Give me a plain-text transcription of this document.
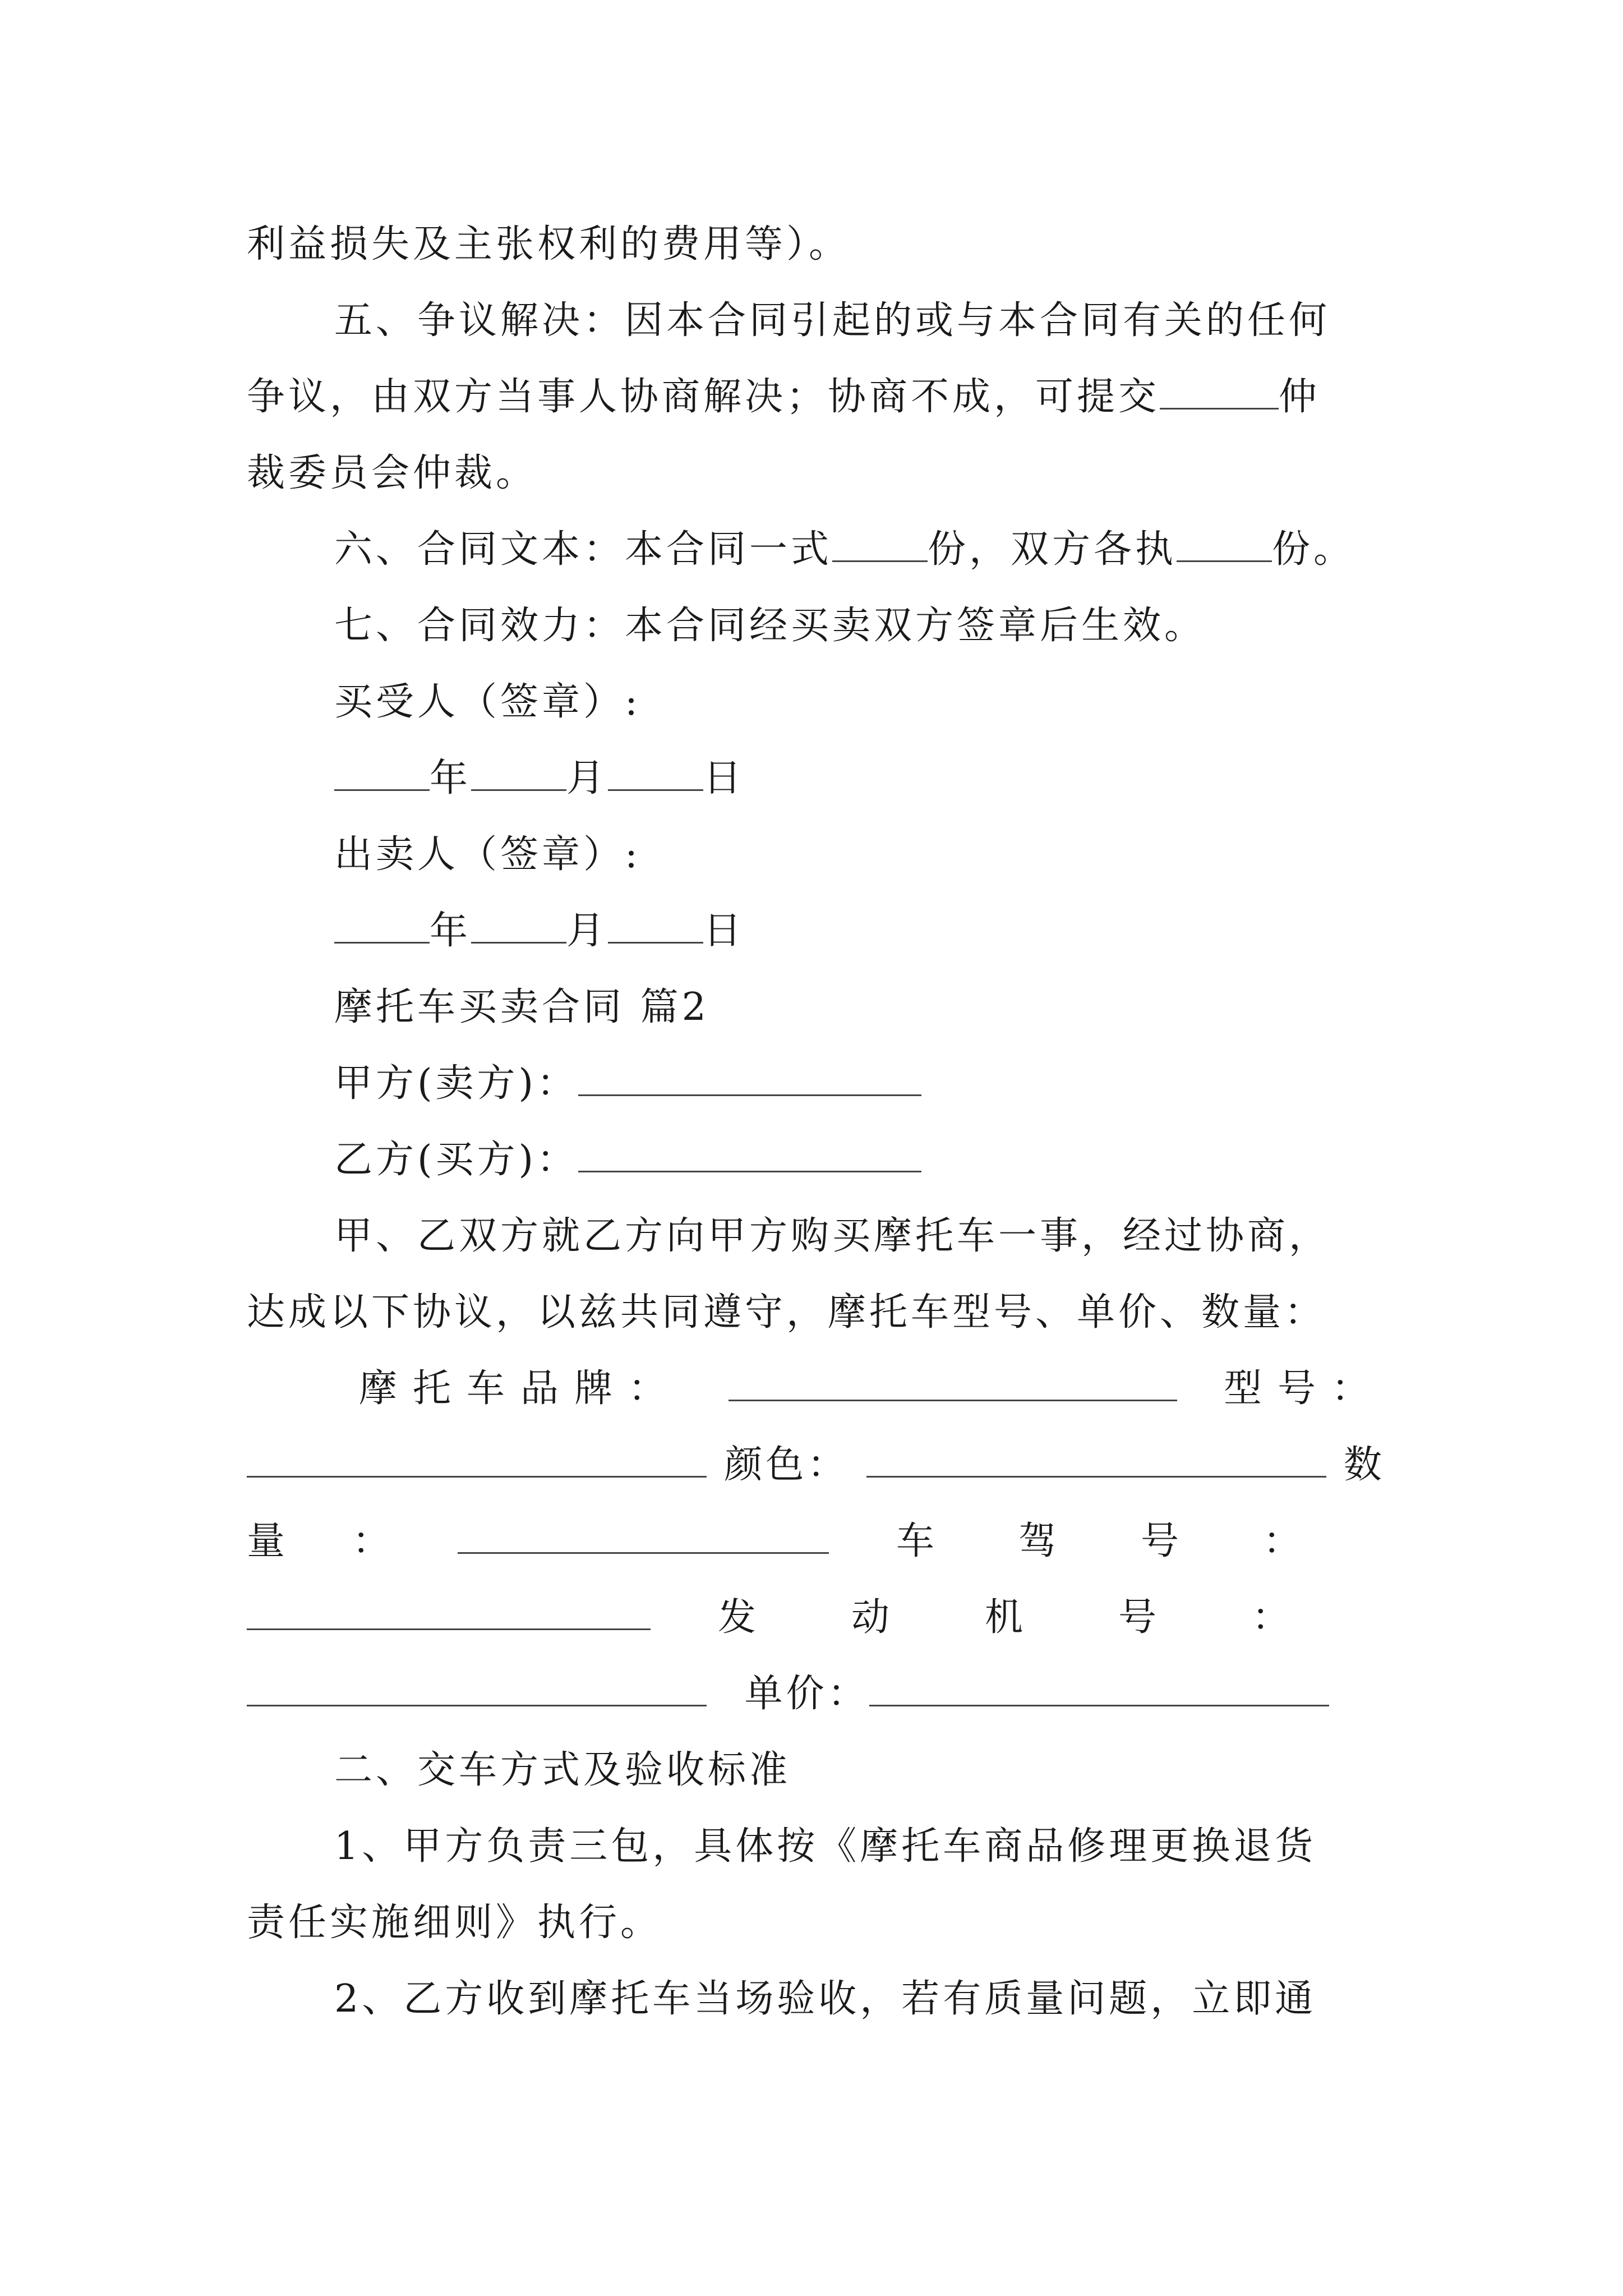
利益损失及主张权利的费用等）。
五、争议解决：因本合同引起的或与本合同有关的任何
争议，由双方当事人协商解决；协商不成，可提交	仲
裁委员会仲裁。
六、合同文本：本合同一式	份，双方各执	份。
七、合同效力：本合同经买卖双方签章后生效。
买受人（签章）:
年	月	日
出卖人（签章）:
年	月	日
摩托车买卖合同 篇2
甲方(卖方)：
乙方(买方)：
甲、乙双方就乙方向甲方购买摩托车一事，经过协商，
达成以下协议，以兹共同遵守，摩托车型号、单价、数量：
摩托车品牌：	型号：
颜色：	数
量：	车驾号：
发动机号：
单价：
二、交车方式及验收标准
1、甲方负责三包，具体按《摩托车商品修理更换退货
责任实施细则》执行。
2、乙方收到摩托车当场验收，若有质量问题，立即通
